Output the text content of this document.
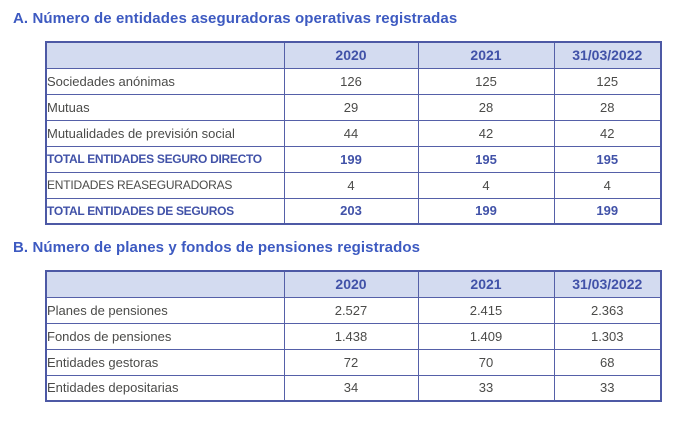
A. Número de entidades aseguradoras operativas registradas
	2020	2021	31/03/2022
Sociedades anónimas	126	125	125
Mutuas	29	28	28
Mutualidades de previsión social	44	42	42
TOTAL ENTIDADES SEGURO DIRECTO	199	195	195
ENTIDADES REASEGURADORAS	4	4	4
TOTAL ENTIDADES DE SEGUROS	203	199	199
B. Número de planes y fondos de pensiones registrados
	2020	2021	31/03/2022
Planes de pensiones	2.527	2.415	2.363
Fondos de pensiones	1.438	1.409	1.303
Entidades gestoras	72	70	68
Entidades depositarias	34	33	33
